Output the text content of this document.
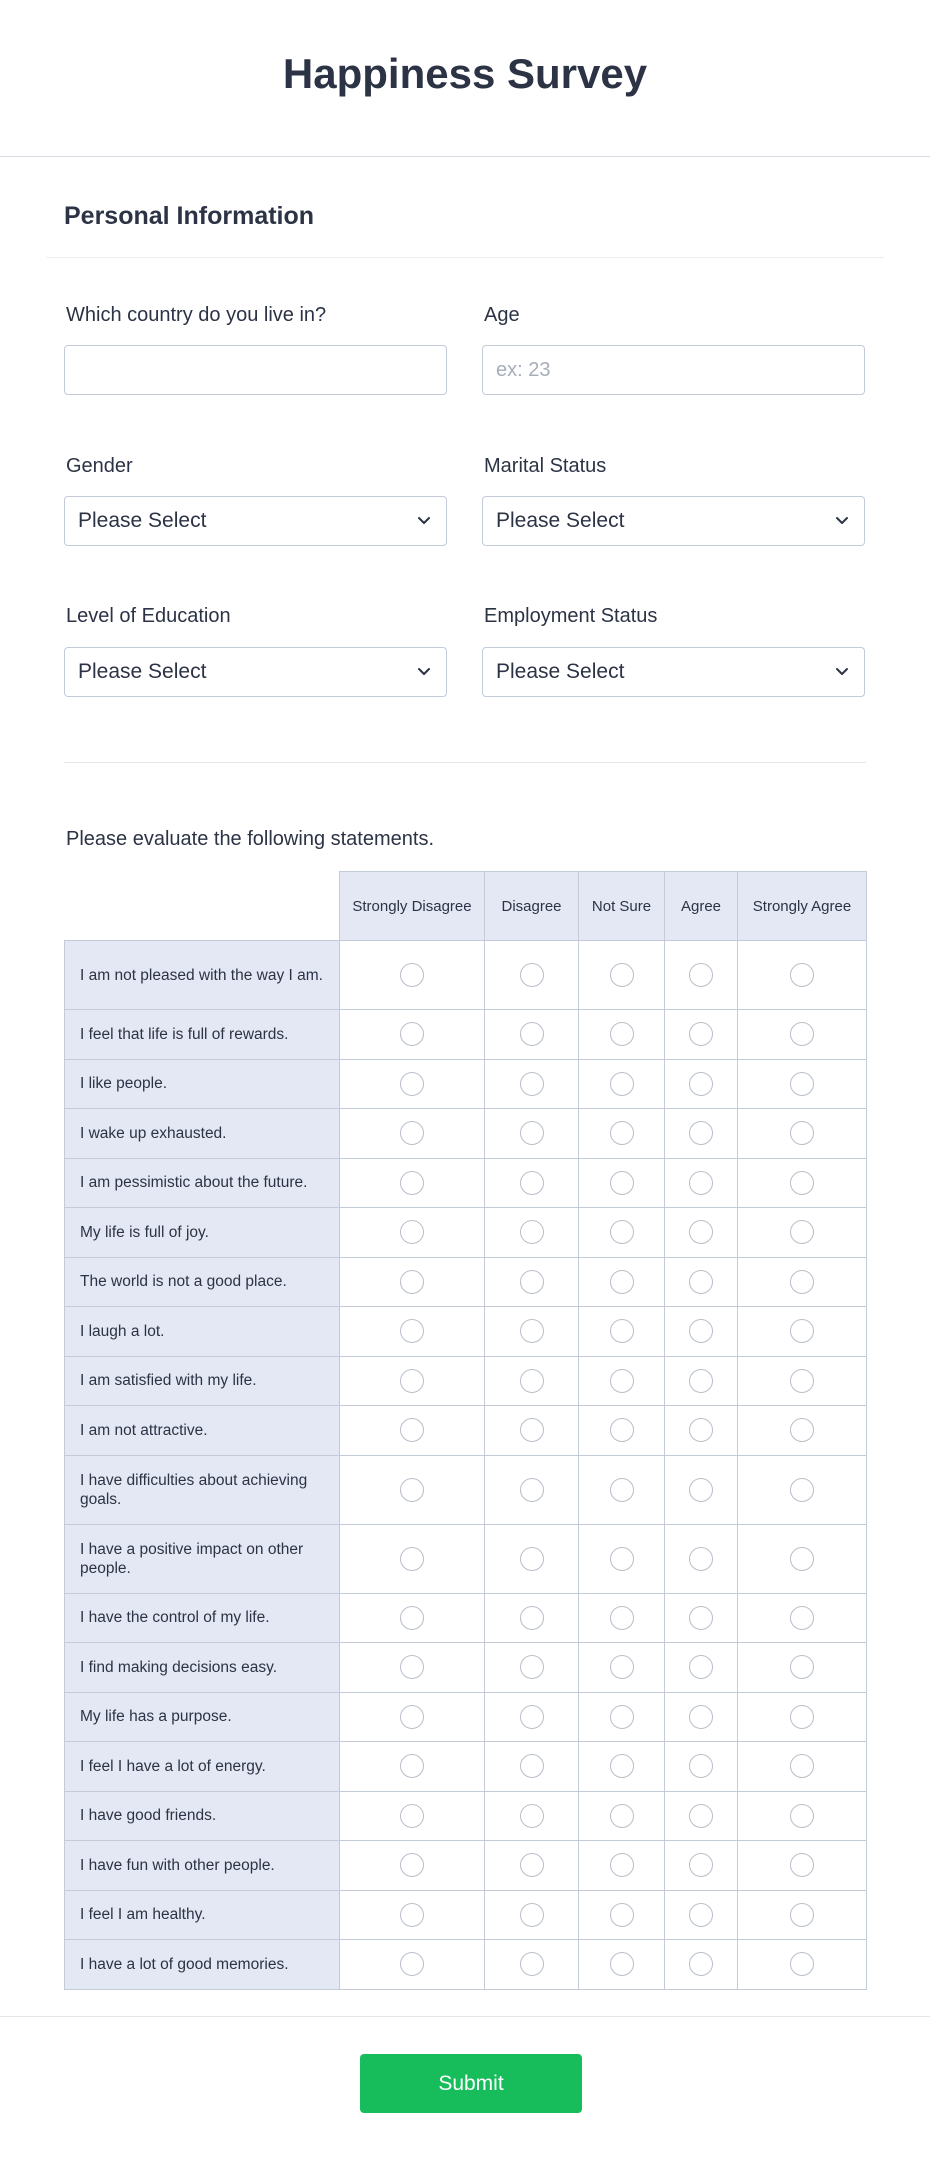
Happiness Survey
Personal Information
Which country do you live in?	Age
ex: 23
Gender
Please Select
Marital Status
Please Select
Level of Education
Please Select
Employment Status
Please Select
Please evaluate the following statements.
	Strongly Disagree	Disagree	Not Sure	Agree	Strongly Agree
I am not pleased with the way I am.					
I feel that life is full of rewards.					
I like people.					
I wake up exhausted.					
I am pessimistic about the future.					
My life is full of joy.					
The world is not a good place.					
I laugh a lot.					
I am satisfied with my life.					
I am not attractive.					
I have difficulties about achieving goals.					
I have a positive impact on other people.					
I have the control of my life.					
I find making decisions easy.					
My life has a purpose.					
I feel I have a lot of energy.					
I have good friends.					
I have fun with other people.					
I feel I am healthy.					
I have a lot of good memories.					
Submit
